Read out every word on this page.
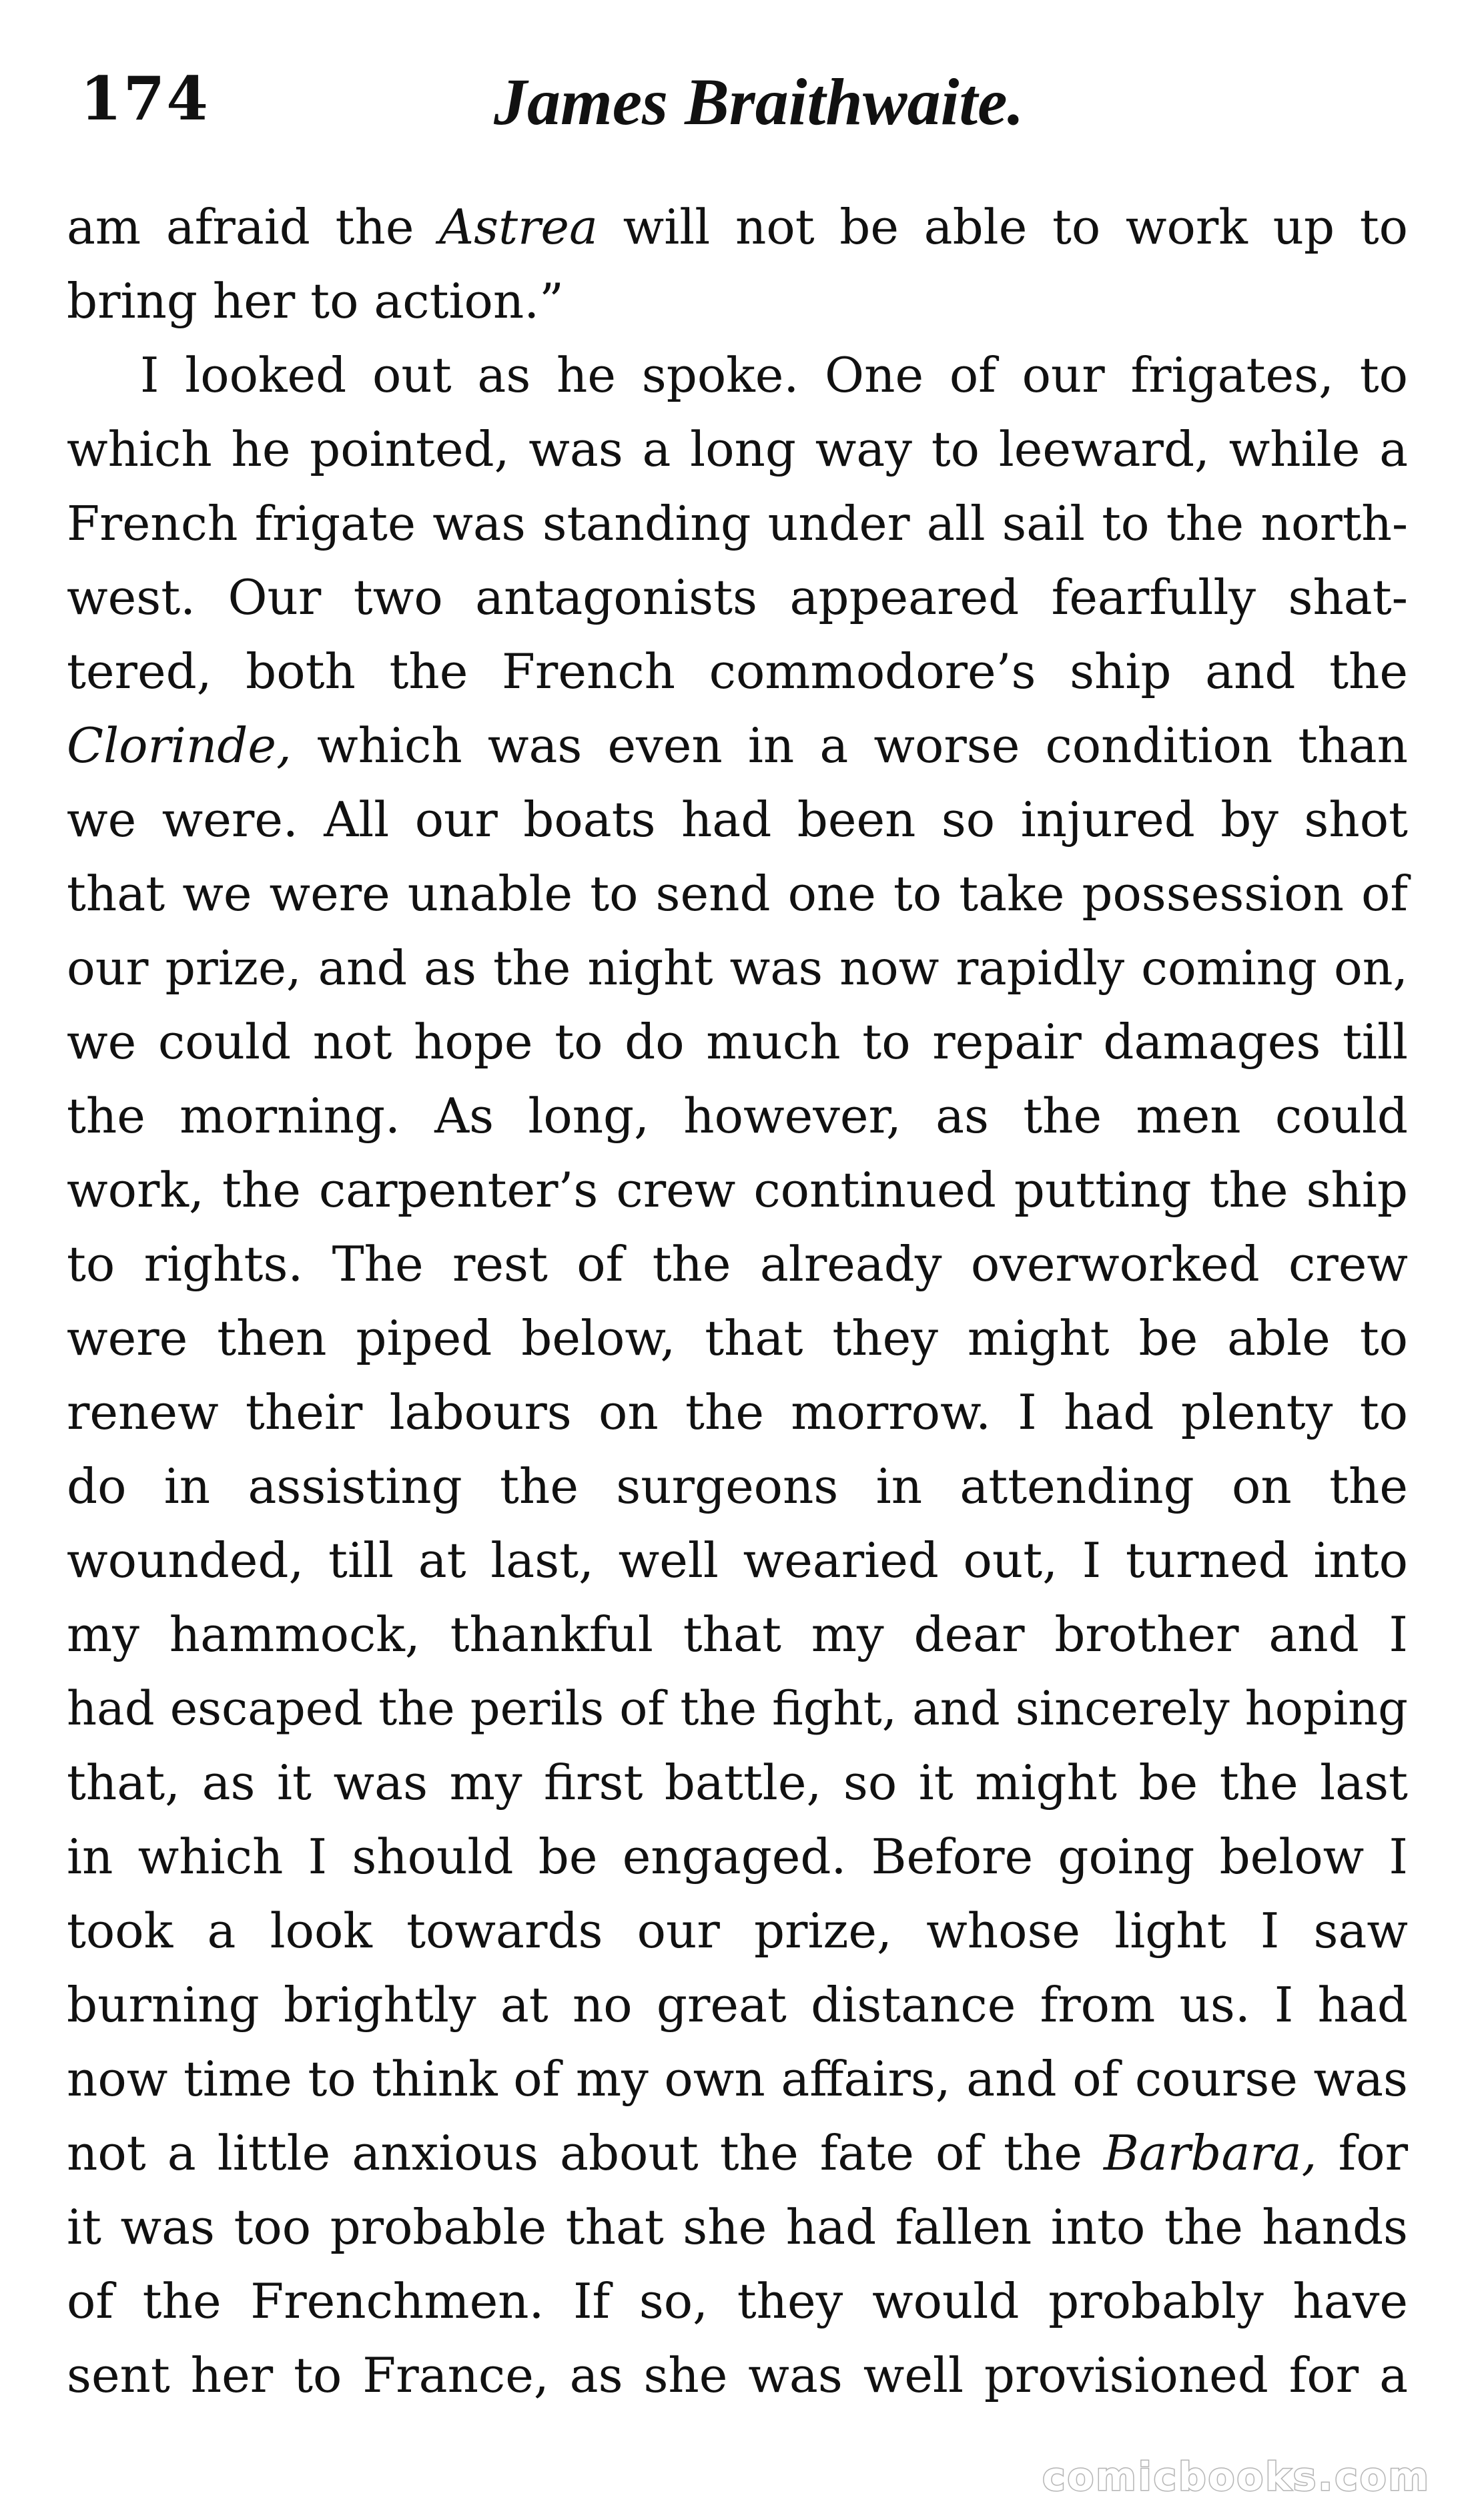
174	James Braithwaite.
am afraid the Astrea will not be able to work up to
bring her to action.”
I looked out as he spoke. One of our frigates, to
which he pointed, was a long way to leeward, while a
French frigate was standing under all sail to the north-
west. Our two antagonists appeared fearfully shat-
tered, both the French commodore’s ship and the
Clorinde, which was even in a worse condition than
we were. All our boats had been so injured by shot
that we were unable to send one to take possession of
our prize, and as the night was now rapidly coming on,
we could not hope to do much to repair damages till
the morning. As long, however, as the men could
work, the carpenter’s crew continued putting the ship
to rights. The rest of the already overworked crew
were then piped below, that they might be able to
renew their labours on the morrow. I had plenty to
do in assisting the surgeons in attending on the
wounded, till at last, well wearied out, I turned into
my hammock, thankful that my dear brother and I
had escaped the perils of the fight, and sincerely hoping
that, as it was my first battle, so it might be the last
in which I should be engaged. Before going below I
took a look towards our prize, whose light I saw
burning brightly at no great distance from us. I had
now time to think of my own affairs, and of course was
not a little anxious about the fate of the Barbara, for
it was too probable that she had fallen into the hands
of the Frenchmen. If so, they would probably have
sent her to France, as she was well provisioned for a
comicbooks.com
